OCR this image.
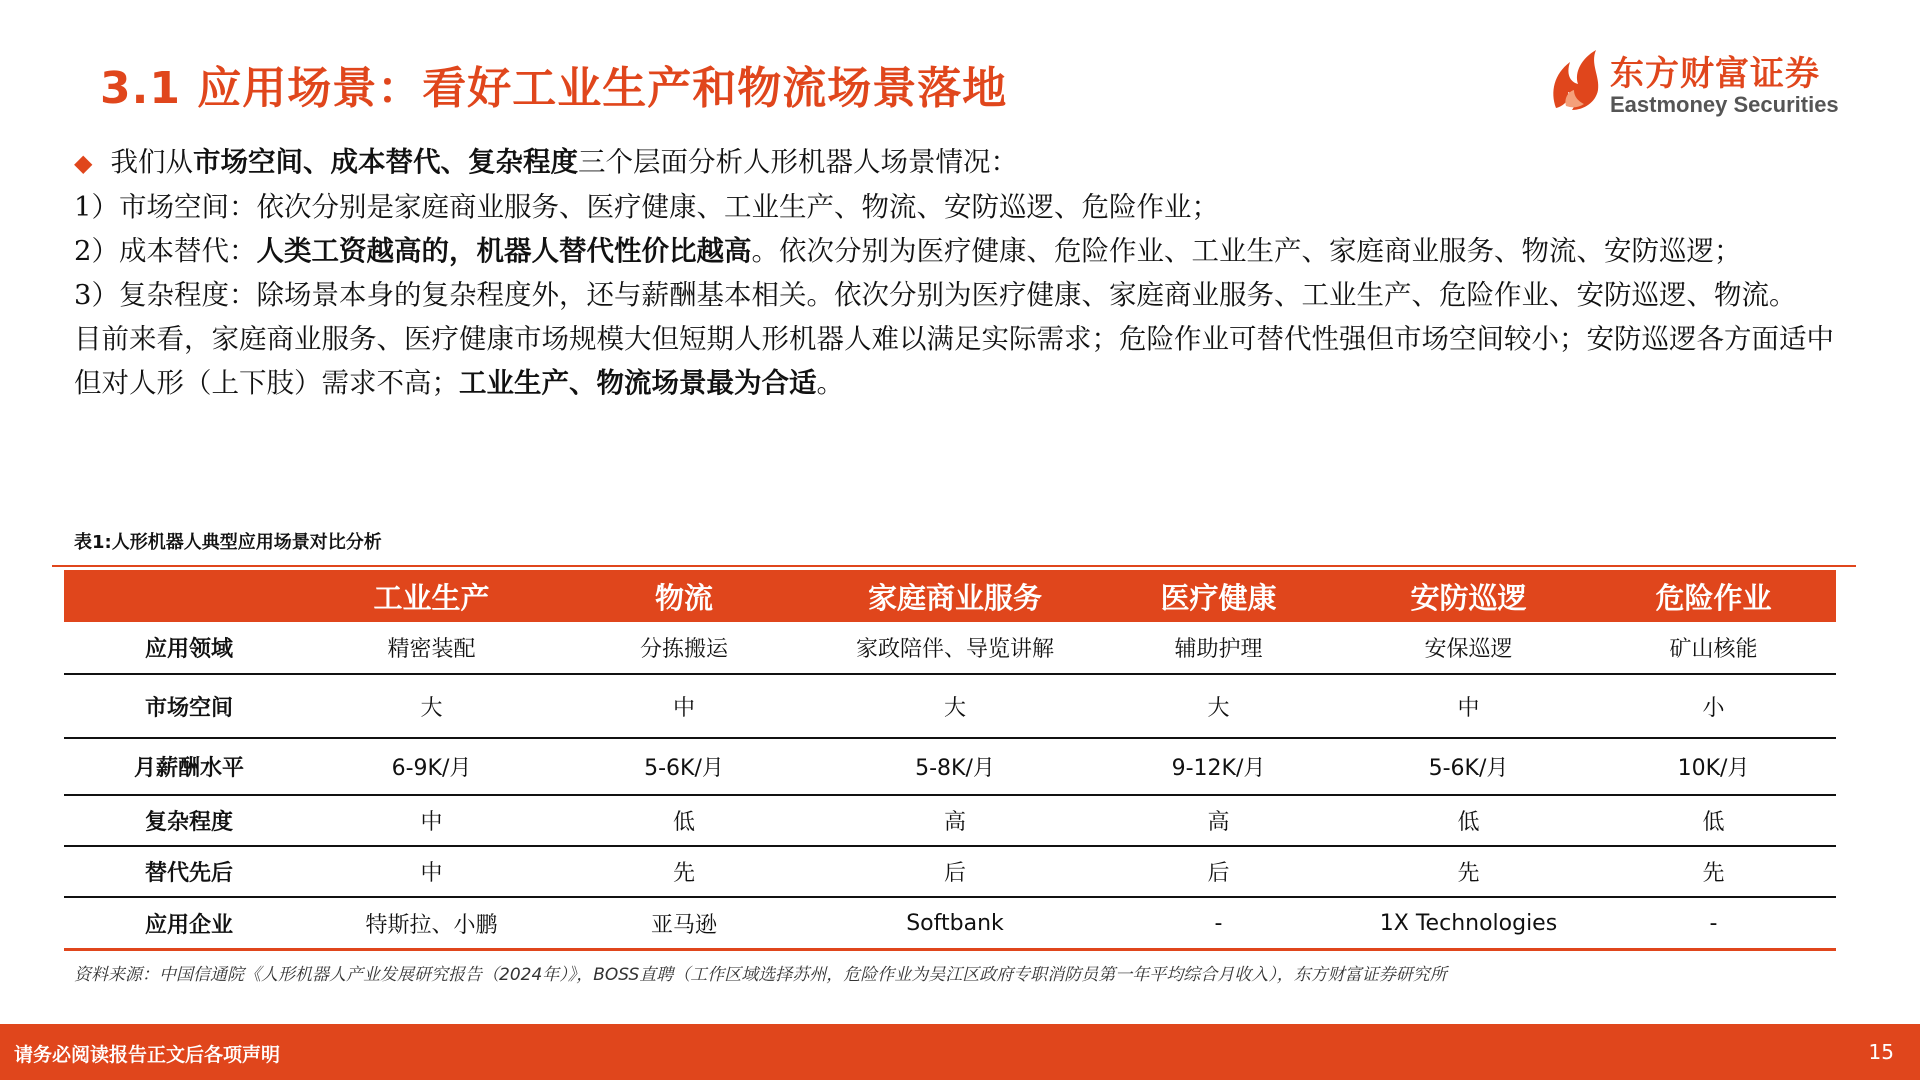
3.1 应用场景：看好工业生产和物流场景落地	东方财富证券
Eastmoney Securities

◆ 我们从市场空间、成本替代、复杂程度三个层面分析人形机器人场景情况：

1）市场空间：依次分别是家庭商业服务、医疗健康、工业生产、物流、安防巡逻、危险作业；

2）成本替代：人类工资越高的，机器人替代性价比越高。依次分别为医疗健康、危险作业、工业生产、家庭商业服务、物流、安防巡逻；

3）复杂程度：除场景本身的复杂程度外，还与薪酬基本相关。依次分别为医疗健康、家庭商业服务、工业生产、危险作业、安防巡逻、物流。

目前来看，家庭商业服务、医疗健康市场规模大但短期人形机器人难以满足实际需求；危险作业可替代性强但市场空间较小；安防巡逻各方面适中但对人形（上下肢）需求不高；工业生产、物流场景最为合适。

表1:人形机器人典型应用场景对比分析
	工业生产	物流	家庭商业服务	医疗健康	安防巡逻	危险作业
应用领域	精密装配	分拣搬运	家政陪伴、导览讲解	辅助护理	安保巡逻	矿山核能
市场空间	大	中	大	大	中	小
月薪酬水平	6-9K/月	5-6K/月	5-8K/月	9-12K/月	5-6K/月	10K/月
复杂程度	中	低	高	高	低	低
替代先后	中	先	后	后	先	先
应用企业	特斯拉、小鹏	亚马逊	Softbank	-	1X Technologies	-
资料来源：中国信通院《人形机器人产业发展研究报告（2024年）》，BOSS直聘（工作区域选择苏州，危险作业为吴江区政府专职消防员第一年平均综合月收入），东方财富证券研究所
请务必阅读报告正文后各项声明	15
